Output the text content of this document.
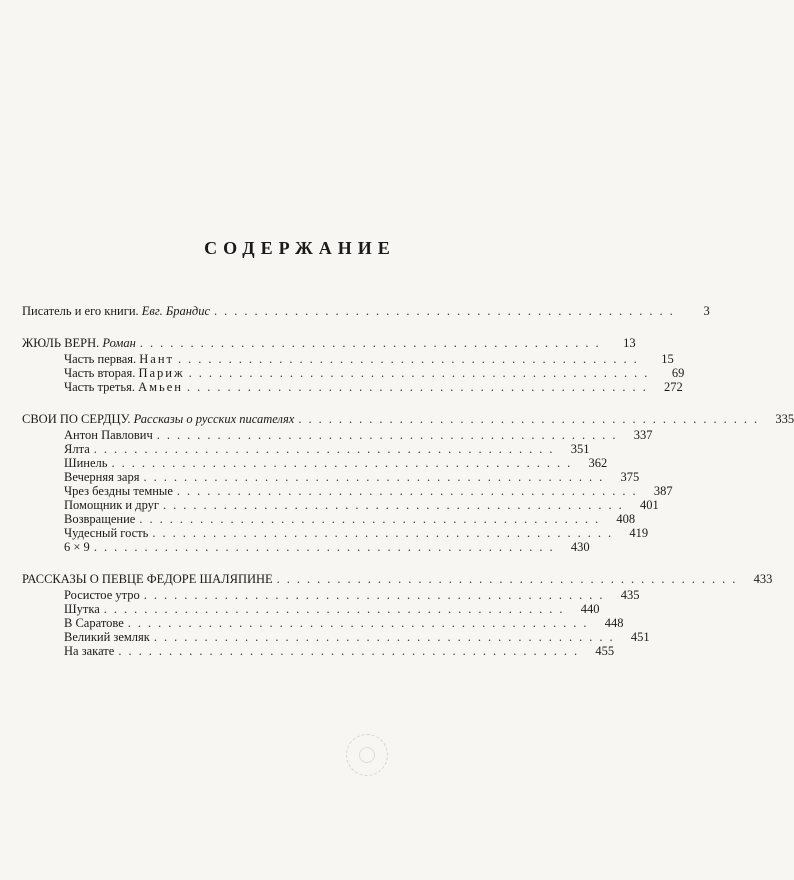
СОДЕРЖАНИЕ
Писатель и его книги. Евг. Брандис ..............................................	3
ЖЮЛЬ ВЕРН. Роман ..............................................	13
Часть первая. Нант ..............................................	15
Часть вторая. Париж ..............................................	69
Часть третья. Амьен .............................................. 272
СВОИ ПО СЕРДЦУ. Рассказы о русских писателях .............................................. 335
Антон Павлович .............................................. 337
Ялта .............................................. 351
Шинель .............................................. 362
Вечерняя заря .............................................. 375
Чрез бездны темные .............................................. 387
Помощник и друг .............................................. 401
Возвращение .............................................. 408
Чудесный гость .............................................. 419
6 × 9 .............................................. 430
РАССКАЗЫ О ПЕВЦЕ ФЕДОРЕ ШАЛЯПИНЕ .............................................. 433
Росистое утро .............................................. 435
Шутка .............................................. 440
В Саратове .............................................. 448
Великий земляк .............................................. 451
На закате .............................................. 455
